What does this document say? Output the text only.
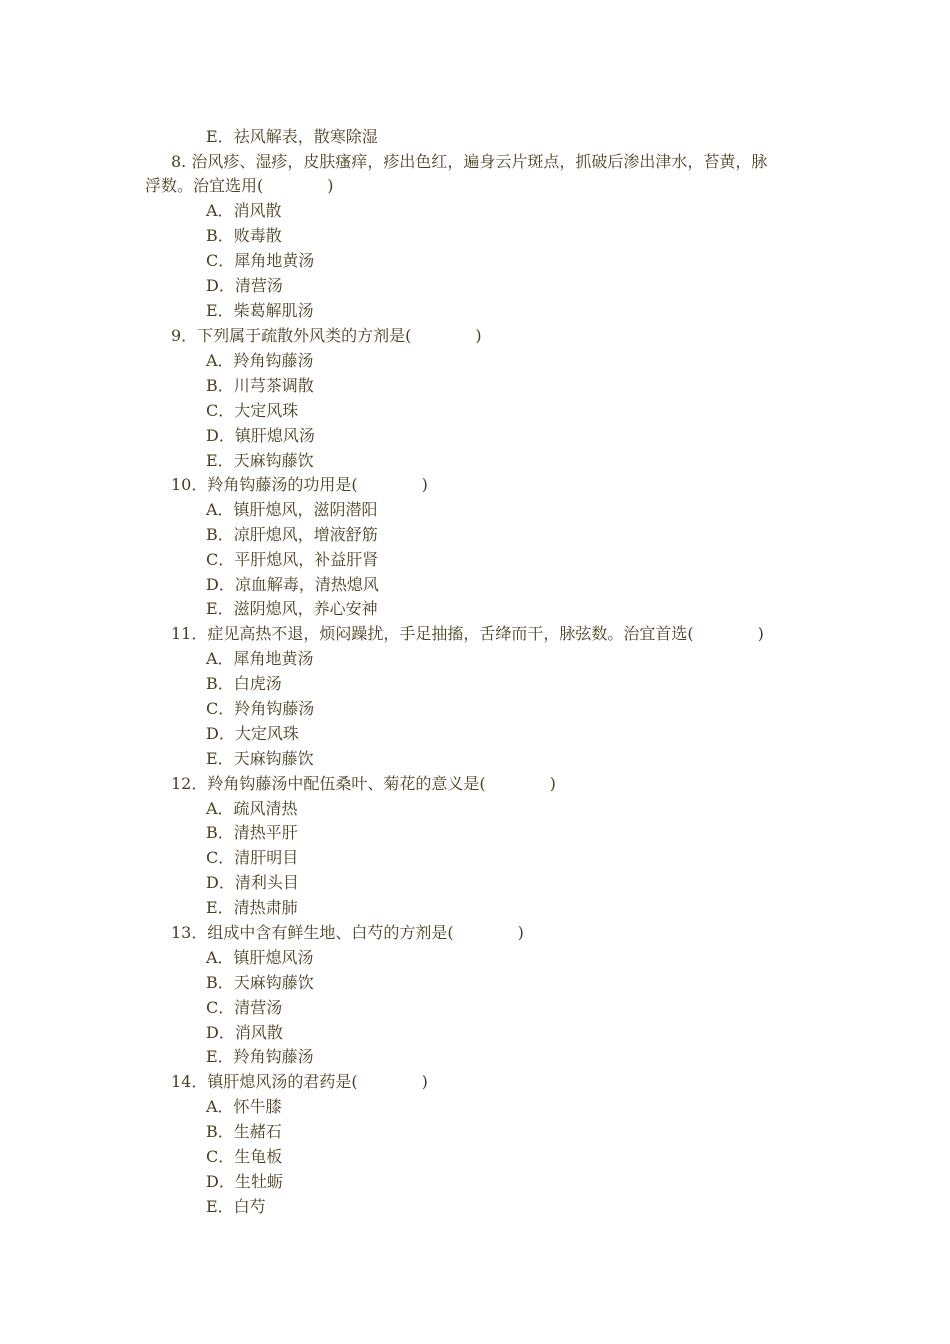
E．祛风解表，散寒除湿
8. 治风疹、湿疹，皮肤瘙痒，疹出色红，遍身云片斑点，抓破后渗出津水，苔黄，脉
浮数。治宜选用(　　　　)
A．消风散
B．败毒散
C．犀角地黄汤
D．清营汤
E．柴葛解肌汤
9．下列属于疏散外风类的方剂是(　　　　)
A．羚角钩藤汤
B．川芎茶调散
C．大定风珠
D．镇肝熄风汤
E．天麻钩藤饮
10．羚角钩藤汤的功用是(　　　　)
A．镇肝熄风，滋阴潜阳
B．凉肝熄风，增液舒筋
C．平肝熄风，补益肝肾
D．凉血解毒，清热熄风
E．滋阴熄风，养心安神
11．症见高热不退，烦闷躁扰，手足抽搐，舌绛而干，脉弦数。治宜首选(　　　　)
A．犀角地黄汤
B．白虎汤
C．羚角钩藤汤
D．大定风珠
E．天麻钩藤饮
12．羚角钩藤汤中配伍桑叶、菊花的意义是(　　　　)
A．疏风清热
B．清热平肝
C．清肝明目
D．清利头目
E．清热肃肺
13．组成中含有鲜生地、白芍的方剂是(　　　　)
A．镇肝熄风汤
B．天麻钩藤饮
C．清营汤
D．消风散
E．羚角钩藤汤
14．镇肝熄风汤的君药是(　　　　)
A．怀牛膝
B．生赭石
C．生龟板
D．生牡蛎
E．白芍
